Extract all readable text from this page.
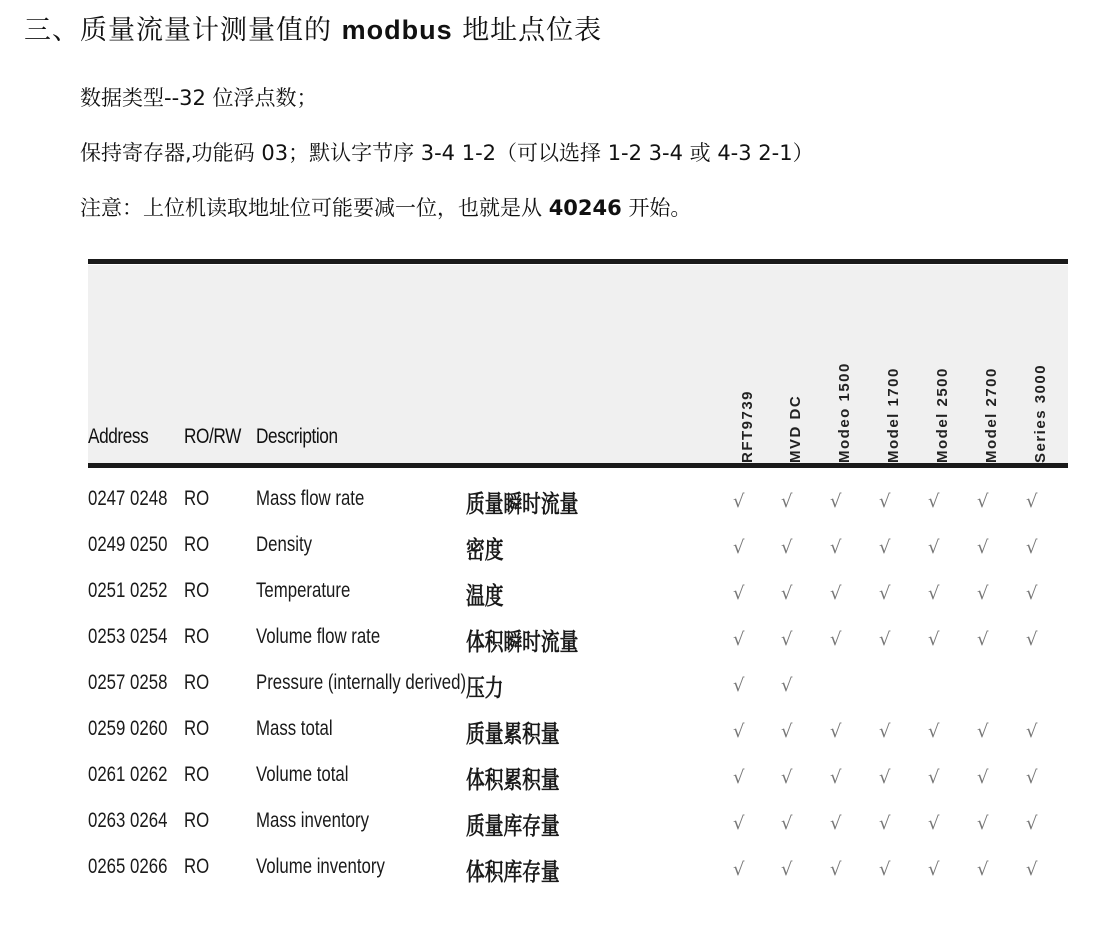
三、质量流量计测量值的 modbus 地址点位表
数据类型--32 位浮点数；
保持寄存器,功能码 03；默认字节序 3-4 1-2（可以选择 1-2 3-4 或 4-3 2-1）
注意：上位机读取地址位可能要减一位，也就是从 40246 开始。
Address RO/RW Description	RFT9739 MVD DC Modeo 1500 Model 1700 Model 2500 Model 2700 Series 3000
0247 0248 RO Mass flow rate	质量瞬时流量	√ √ √ √ √ √ √
0249 0250 RO Density	密度	√ √ √ √ √ √ √
0251 0252 RO Temperature	温度	√ √ √ √ √ √ √
0253 0254 RO Volume flow rate	体积瞬时流量	√ √ √ √ √ √ √
0257 0258 RO Pressure (internally derived) 压力	√ √
0259 0260 RO Mass total	质量累积量	√ √ √ √ √ √ √
0261 0262 RO Volume total	体积累积量	√ √ √ √ √ √ √
0263 0264 RO Mass inventory	质量库存量	√ √ √ √ √ √ √
0265 0266 RO Volume inventory	体积库存量	√ √ √ √ √ √ √
